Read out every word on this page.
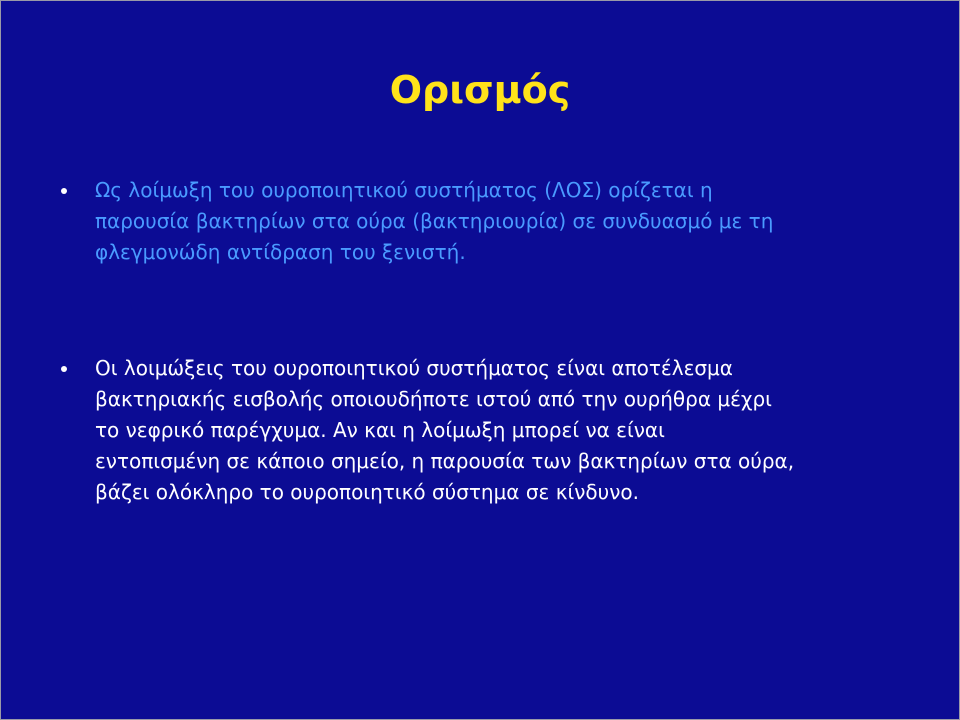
Ορισμός
Ως λοίμωξη του ουροποιητικού συστήματος (ΛΟΣ) ορίζεται η
παρουσία βακτηρίων στα ούρα (βακτηριουρία) σε συνδυασμό με τη
φλεγμονώδη αντίδραση του ξενιστή.
Οι λοιμώξεις του ουροποιητικού συστήματος είναι αποτέλεσμα
βακτηριακής εισβολής οποιουδήποτε ιστού από την ουρήθρα μέχρι
το νεφρικό παρέγχυμα. Αν και η λοίμωξη μπορεί να είναι
εντοπισμένη σε κάποιο σημείο, η παρουσία των βακτηρίων στα ούρα,
βάζει ολόκληρο το ουροποιητικό σύστημα σε κίνδυνο.
